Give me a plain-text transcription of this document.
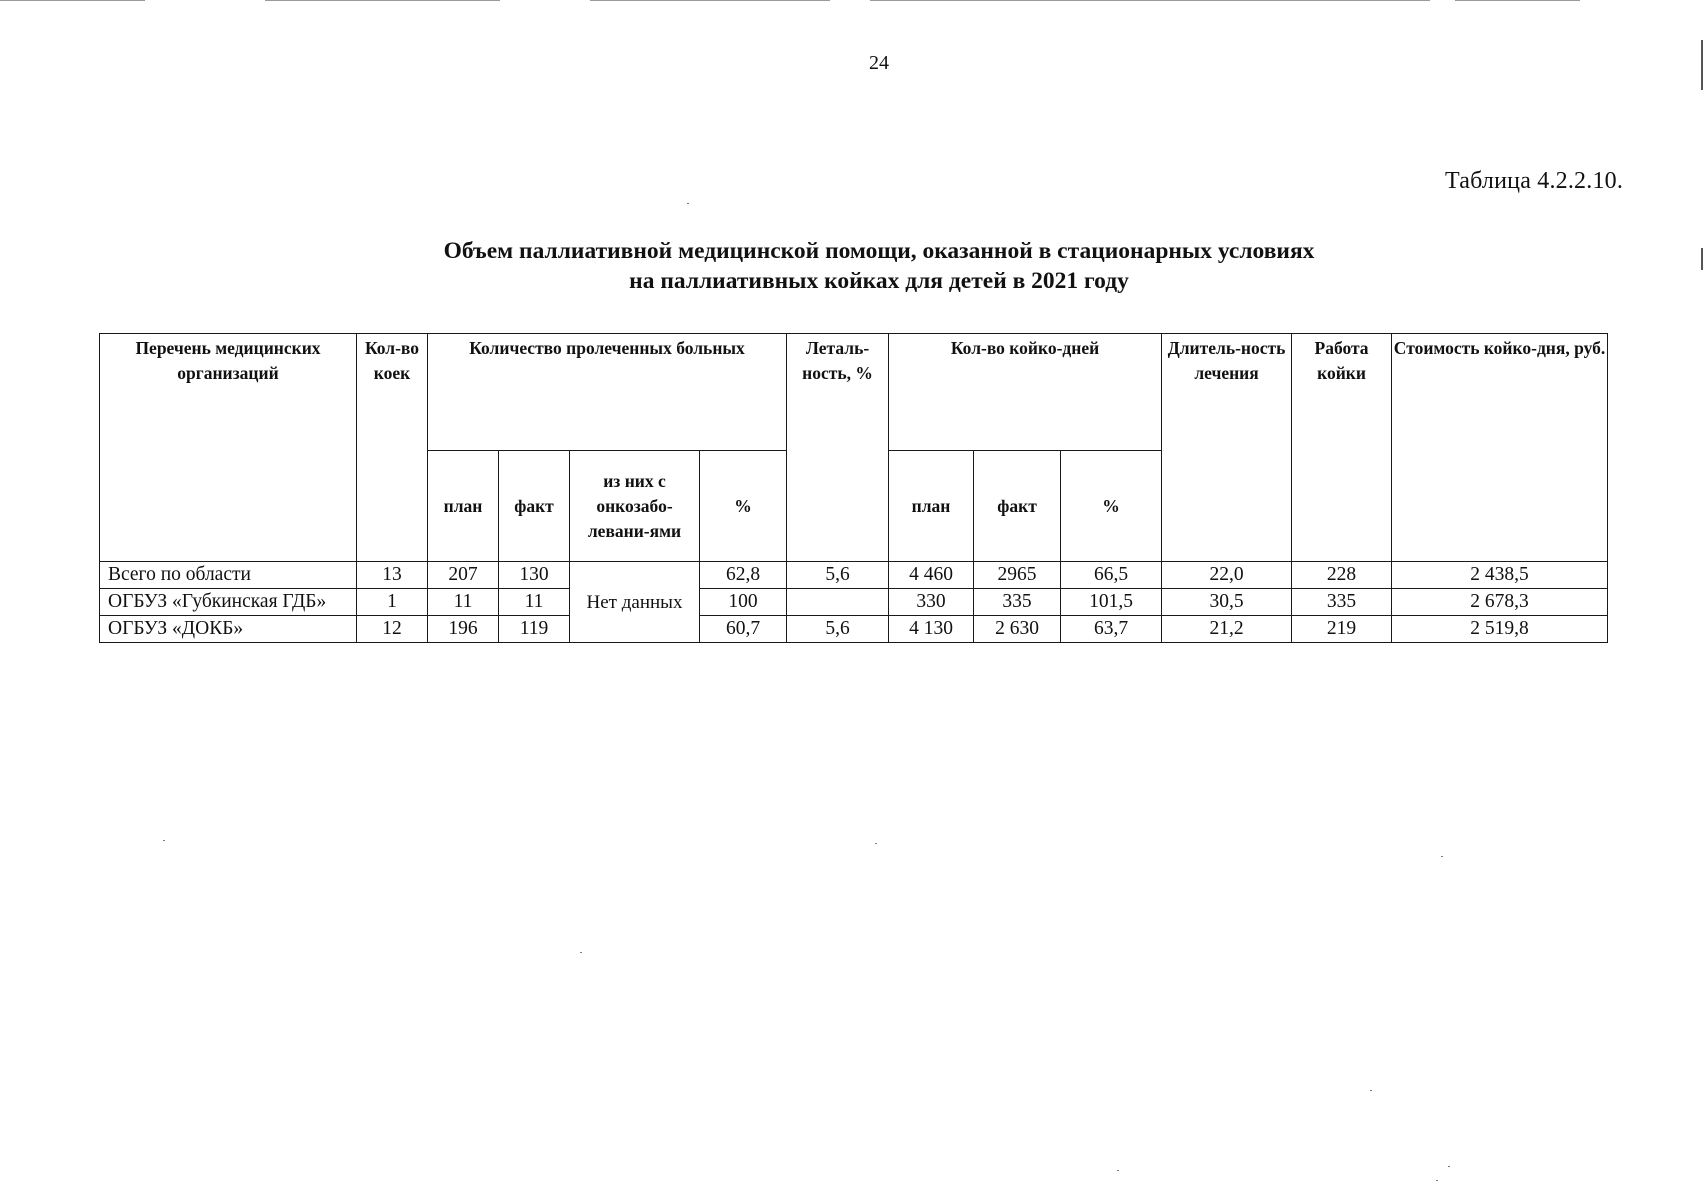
24
Таблица 4.2.2.10.
Объем паллиативной медицинской помощи, оказанной в стационарных условиях
на паллиативных койках для детей в 2021 году
Перечень медицинских организаций	Кол-во коек	Количество пролеченных больных				Леталь-ность, %	Кол-во койко-дней			Длитель-ность лечения	Работа койки	Стоимость койко-дня, руб.
		план	факт	из них с онкозабо-левани-ями	%		план	факт	%			
Всего по области	13	207	130	Нет данных	62,8	5,6	4 460	2965	66,5	22,0	228	2 438,5
ОГБУЗ «Губкинская ГДБ»	1	11	11		100		330	335	101,5	30,5	335	2 678,3
ОГБУЗ «ДОКБ»	12	196	119		60,7	5,6	4 130	2 630	63,7	21,2	219	2 519,8
